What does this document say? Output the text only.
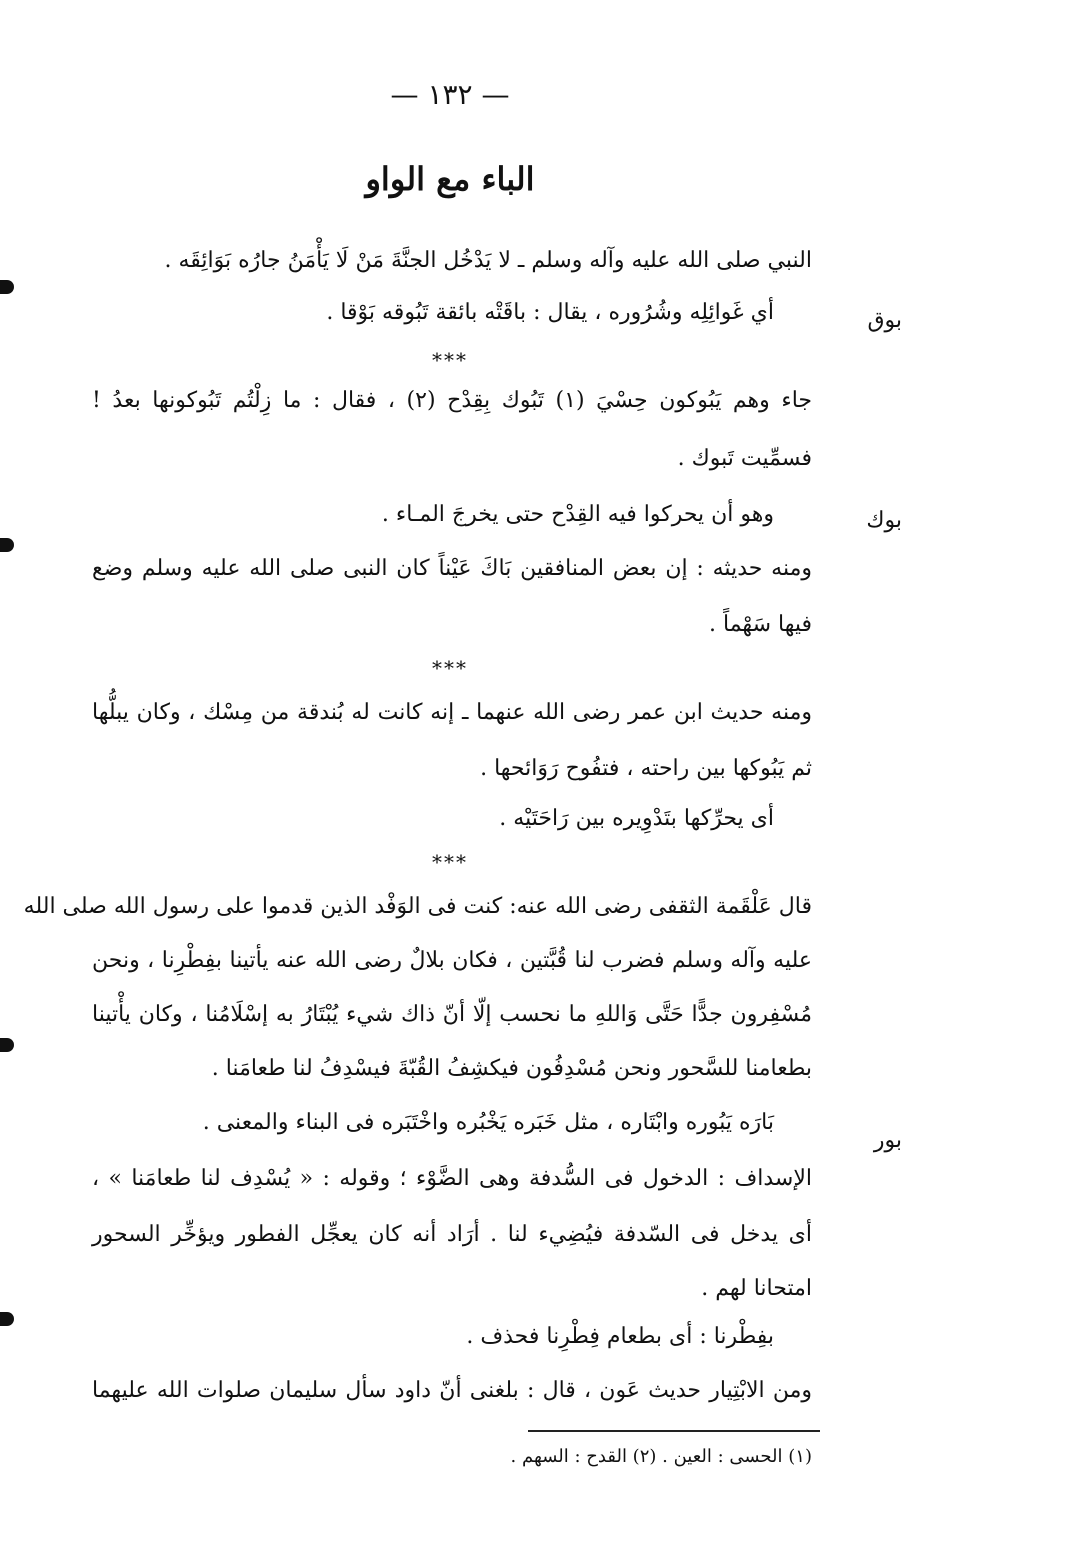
— ١٣٢ —
الباء مع الواو
النبي صلى الله عليه وآله وسلم ـ لا يَدْخُل الجنَّةَ مَنْ لَا يَأْمَنُ جارُه بَوَائِقَه .
أي غَوائِلِه وشُرُوره ، يقال : باقَتْه بائقة تَبُوقه بَوْقا .	بوق
***
جاء وهم يَبُوكون حِسْيَ (١) تَبُوك بِقِدْح (٢) ، فقال : ما زِلْتُم تَبُوكونها بعدُ !
فسمِّيت تَبوك .
وهو أن يحركوا فيه القِدْح حتى يخرجَ المـاء .	بوك
ومنه حديثه : إن بعض المنافقين بَاكَ عَيْناً كان النبى صلى الله عليه وسلم وضع
فيها سَهْماً .
***
ومنه حديث ابن عمر رضى الله عنهما ـ إنه كانت له بُندقة من مِسْك ، وكان يبلُّها
ثم يَبُوكها بين راحته ، فتفُوح رَوَائحها .
أى يحرِّكها بتَدْوِيره بين رَاحَتَيْه .
***
قال عَلْقَمة الثقفى رضى الله عنه: كنت فى الوَفْد الذين قدموا على رسول الله صلى الله
عليه وآله وسلم فضرب لنا قُبَّتين ، فكان بلالٌ رضى الله عنه يأتينا بفِطْرِنا ، ونحن
مُسْفِرون جدًّا حَتَّى وَاللهِ ما نحسب إلّا أنّ ذاك شيء يُبْتَارُ به إسْلَامُنا ، وكان يأْتينا
بطعامنا للسَّحور ونحن مُسْدِفُون فيكشِفُ القُبّةَ فيسْدِفُ لنا طعامَنا .
بَارَه يَبُوره وابْتَاره ، مثل خَبَره يَخْبُره واخْتَبَره فى البناء والمعنى .
بور
الإسداف : الدخول فى السُّدفة وهى الضَّوْء ؛ وقوله : « يُسْدِف لنا طعامَنا » ،
أى يدخل فى السّدفة فيُضِيء لنا . أرَاد أنه كان يعجِّل الفطور ويؤخِّر السحور
امتحانا لهم .
بفِطْرنا : أى بطعام فِطْرِنا فحذف .
ومن الابْتِيار حديث عَون ، قال : بلغنى أنّ داود سأل سليمان صلوات الله عليهما
(١) الحسى : العين . (٢) القدح : السهم .
